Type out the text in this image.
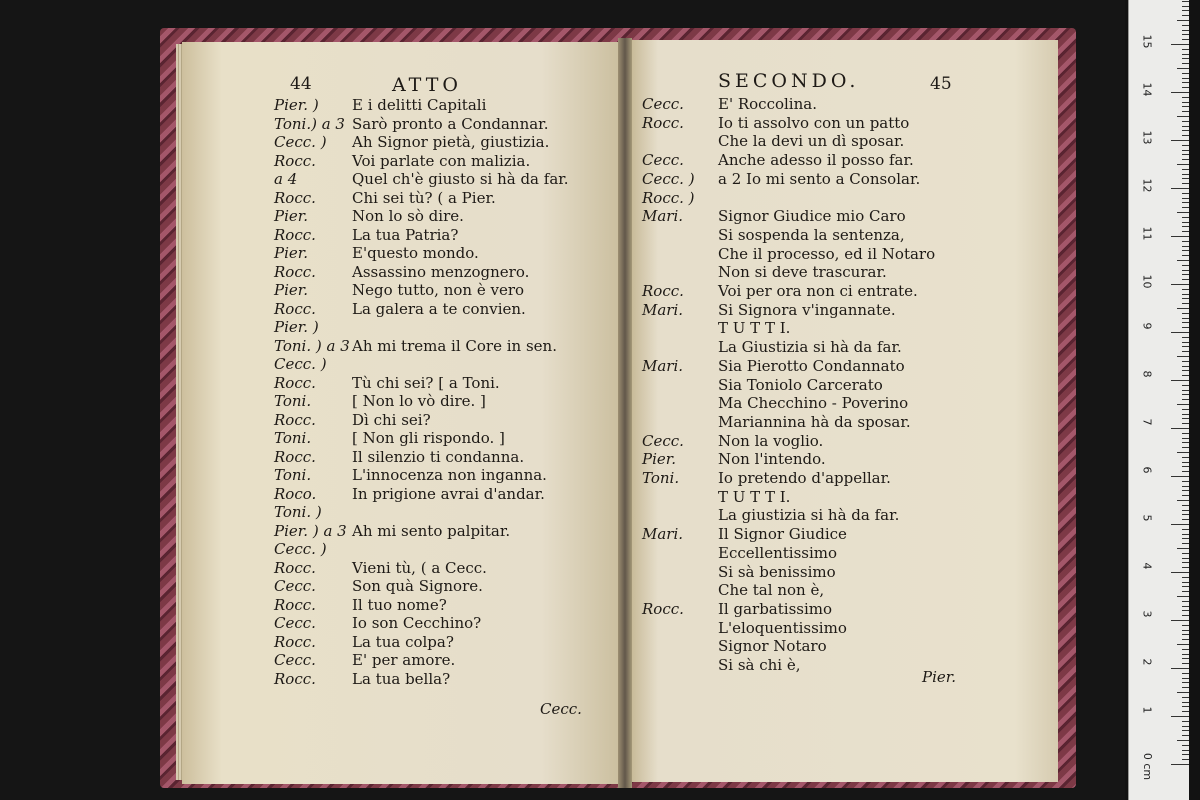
44	ATTO	SECONDO.	45
Pier. ) E i delitti Capitali
Toni.) a 3 Sarò pronto a Condannar.
Cecc. ) Ah Signor pietà, giustizia.
Rocc. Voi parlate con malizia.
a 4	Quel ch'è giusto si hà da far.
Rocc. Chi sei tù? ( a Pier.
Pier.	Non lo sò dire.
Rocc. La tua Patria?
Pier.	E'questo mondo.
Rocc. Assassino menzognero.
Pier.	Nego tutto, non è vero
Rocc. La galera a te convien.
Pier. )
Toni. ) a 3 Ah mi trema il Core in sen.
Cecc. )
Rocc. Tù chi sei? [ a Toni.
Toni.	[ Non lo vò dire. ]
Rocc. Dì chi sei?
Toni.	[ Non gli rispondo. ]
Rocc. Il silenzio ti condanna.
Toni.	L'innocenza non inganna.
Roco. In prigione avrai d'andar.
Toni. )
Pier. ) a 3 Ah mi sento palpitar.
Cecc. )
Rocc. Vieni tù, ( a Cecc.
Cecc. Son quà Signore.
Rocc. Il tuo nome?
Cecc. Io son Cecchino?
Rocc. La tua colpa?
Cecc. E' per amore.
Rocc. La tua bella?
Cecc. E' Roccolina.
Rocc. Io ti assolvo con un patto
Che la devi un dì sposar.
Cecc. Anche adesso il posso far.
Cecc. ) a 2 Io mi sento a Consolar.
Rocc. )
Mari. Signor Giudice mio Caro
Si sospenda la sentenza,
Che il processo, ed il Notaro
Non si deve trascurar.
Rocc. Voi per ora non ci entrate.
Mari. Si Signora v'ingannate.
T U T T I.
La Giustizia si hà da far.
Mari. Sia Pierotto Condannato
Sia Toniolo Carcerato
Ma Checchino - Poverino
Mariannina hà da sposar.
Cecc. Non la voglio.
Pier.	Non l'intendo.
Toni.	Io pretendo d'appellar.
T U T T I.
La giustizia si hà da far.
Mari. Il Signor Giudice
Eccellentissimo
Si sà benissimo
Che tal non è,
Rocc. Il garbatissimo
L'eloquentissimo
Signor Notaro
Si sà chi è,
Cecc.
Pier.
0 cm
15
14
13
12
11
10
9
8
7
6
5
4
3
2
1
